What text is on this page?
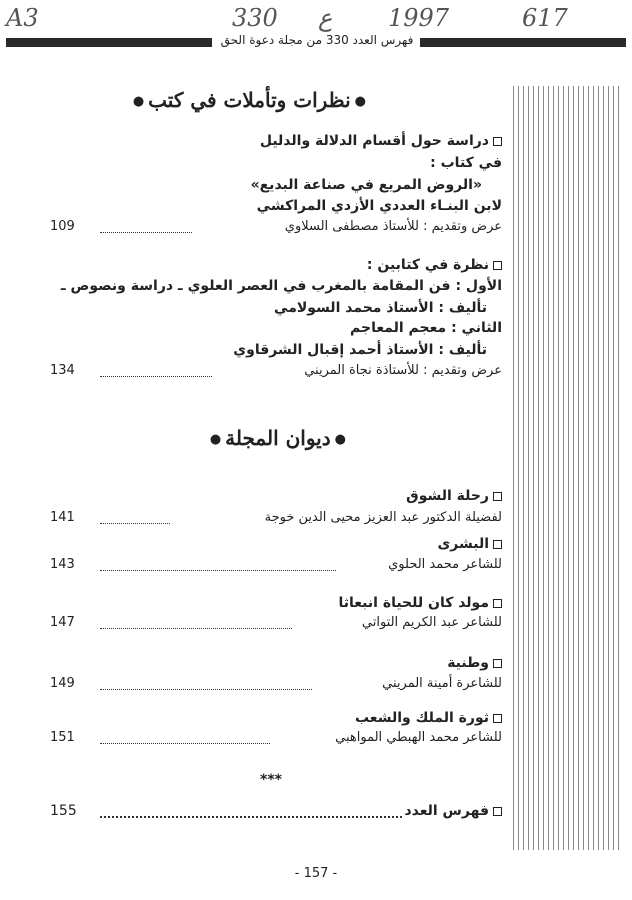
A3	330 ع 1997	617
فهرس العدد 330 من مجلة دعوة الحق
●نظرات وتأملات في كتب●
دراسة حول أقسام الدلالة والدليل
في كتاب :
«الروض المريع في صناعة البديع»
لابن البنـاء العددي الأزدي المراكشي
عرض وتقديم : للأستاذ مصطفى السلاوي
109
نظرة في كتابين :
الأول : فن المقامة بالمغرب في العصر العلوي ـ دراسة ونصوص ـ
تأليف : الأستاذ محمد السولامي
الثاني : معجم المعاجم
تأليف : الأستاذ أحمد إقبال الشرقاوي
عرض وتقديم : للأستاذة نجاة المريني
134
●ديوان المجلة●
رحلة الشوق
لفضيلة الدكتور عبد العزيز محيى الدين خوجة
141
البشرى
للشاعر محمد الحلوي
143
مولد كان للحياة انبعاثا
للشاعر عبد الكريم التواتي
147
وطنية
للشاعرة أمينة المريني
149
ثورة الملك والشعب
للشاعر محمد الهبطي المواهبي
151
***
فهرس العدد
155
- 157 -
